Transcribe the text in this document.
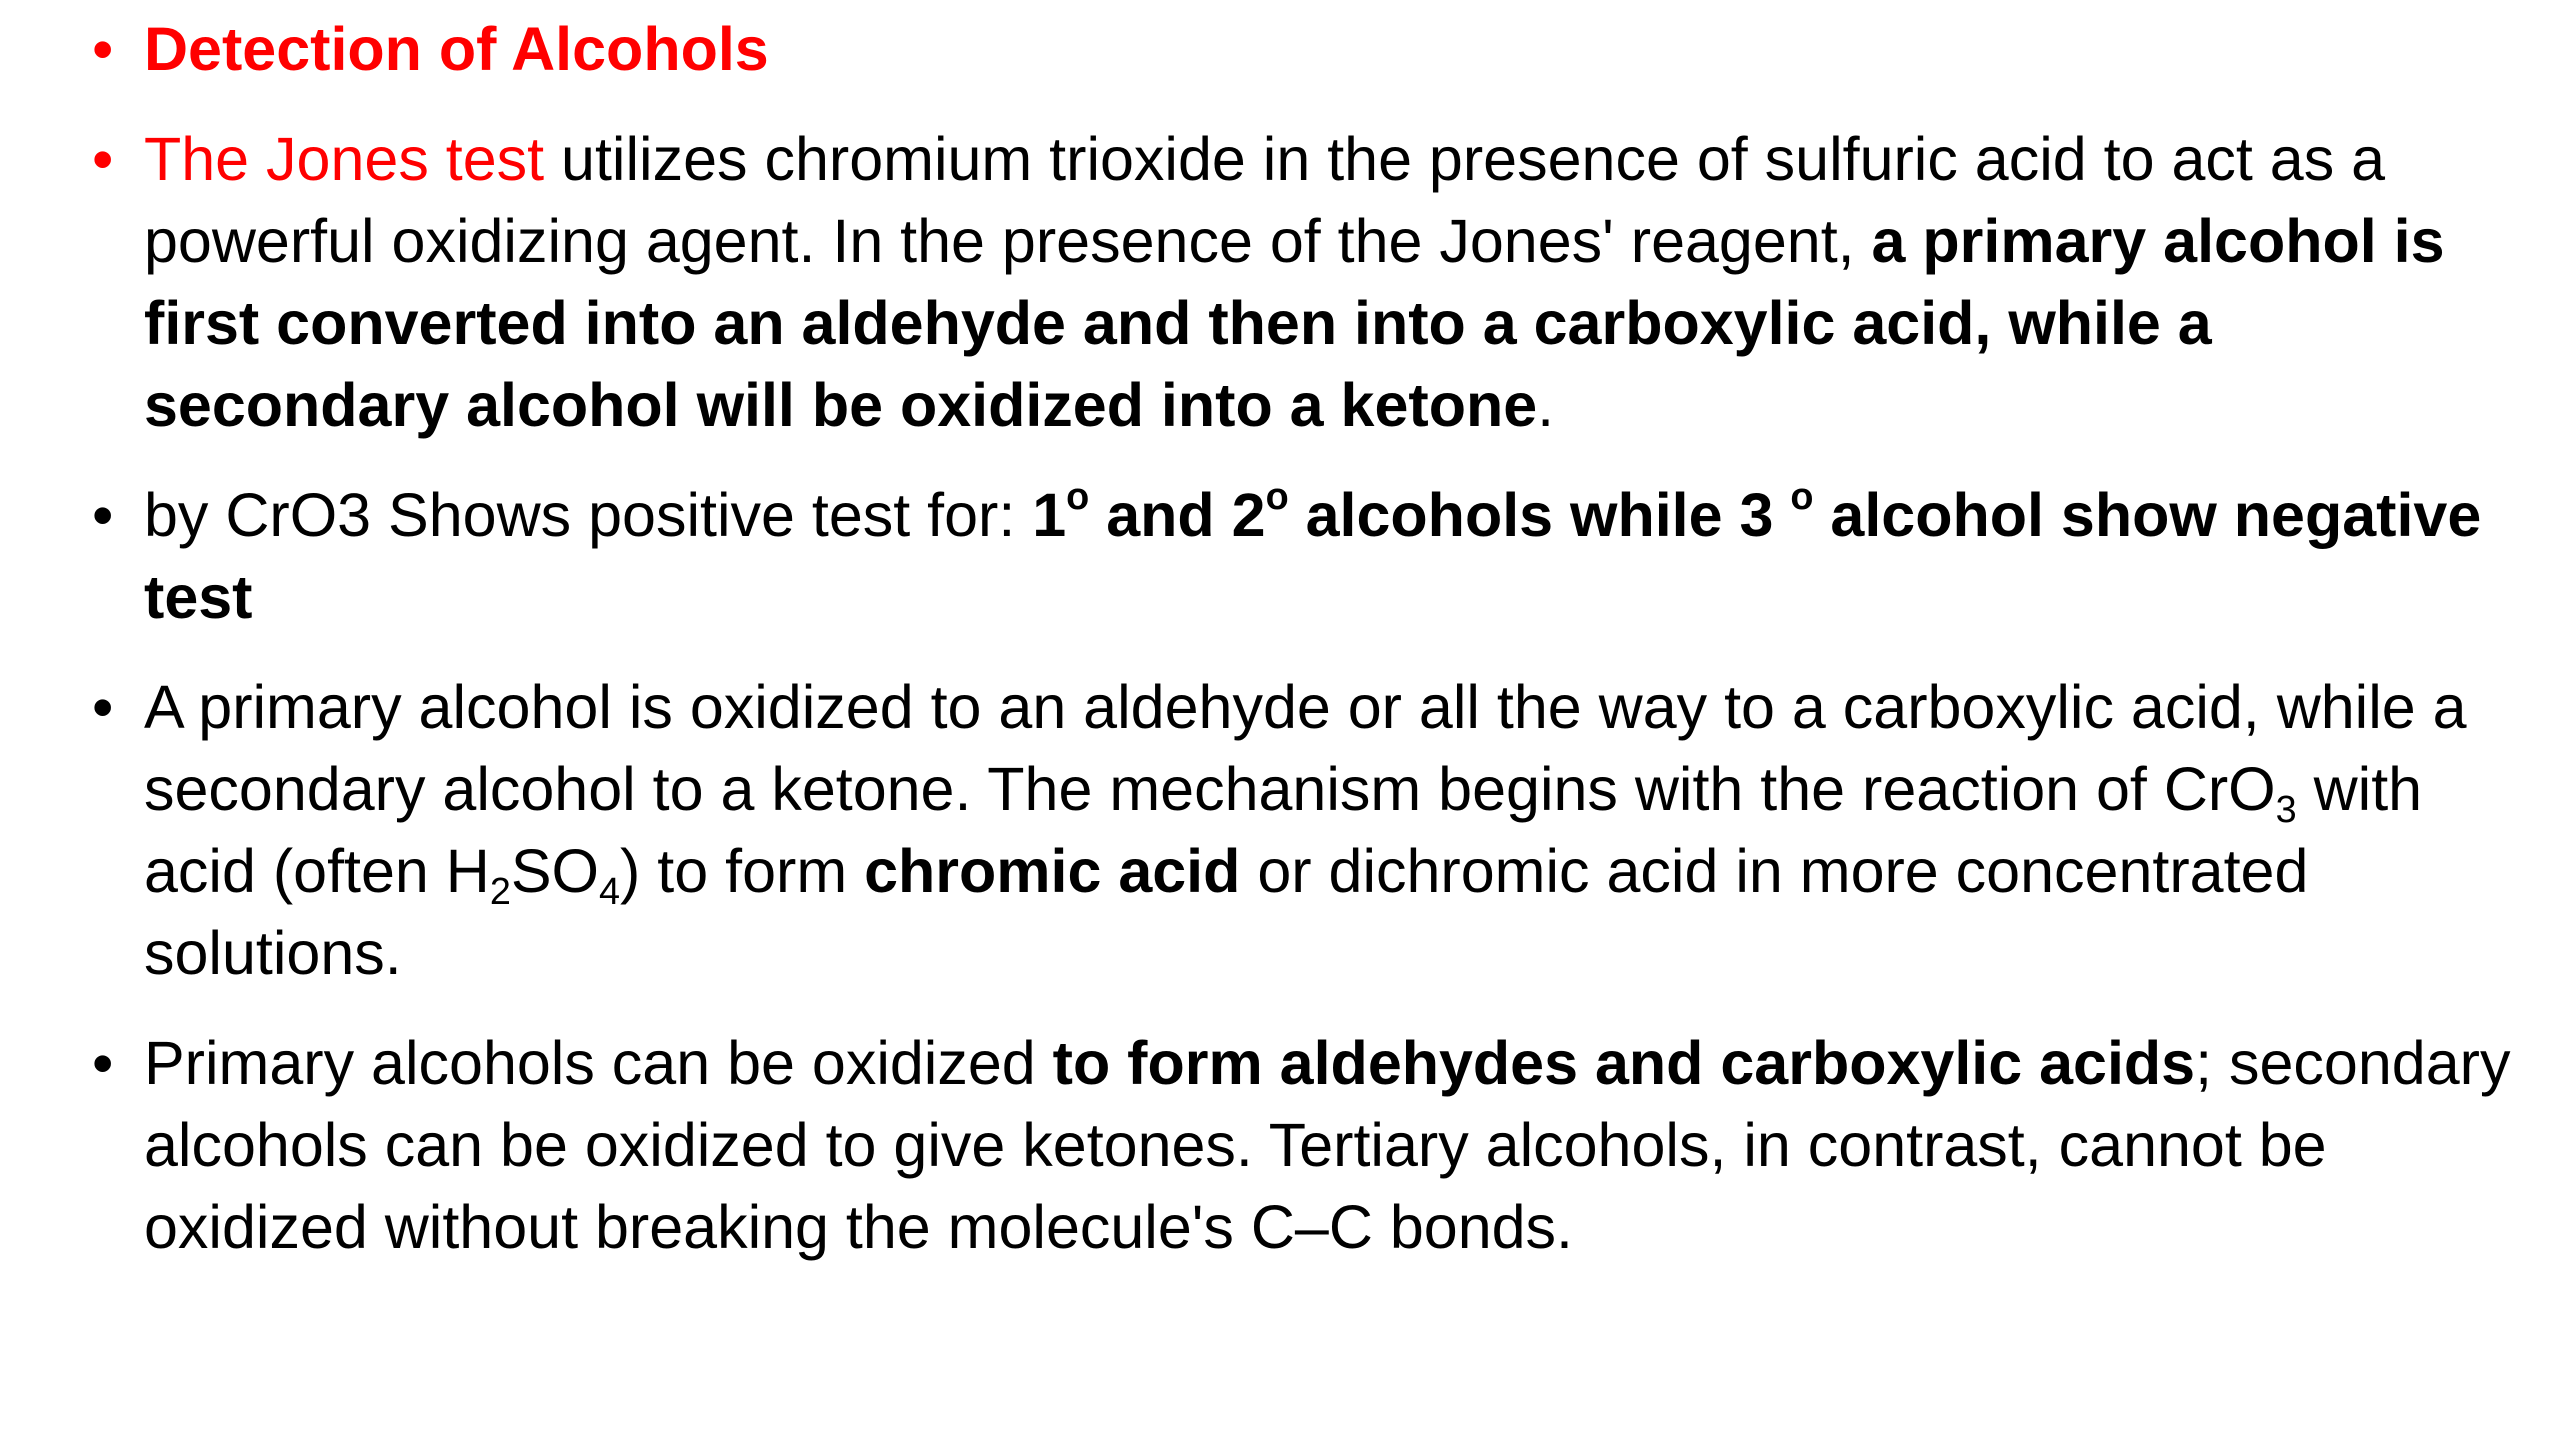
• Detection of Alcohols
• The Jones test utilizes chromium trioxide in the presence of sulfuric acid to act as a powerful oxidizing agent. In the presence of the Jones' reagent, a primary alcohol is first converted into an aldehyde and then into a carboxylic acid, while a secondary alcohol will be oxidized into a ketone.
• by CrO3 Shows positive test for: 1$^o$ and 2$^o$ alcohols while 3 $^o$ alcohol show negative test
• A primary alcohol is oxidized to an aldehyde or all the way to a carboxylic acid, while a secondary alcohol to a ketone. The mechanism begins with the reaction of CrO$_3$ with acid (often $H_2SO_4$) to form chromic acid or dichromic acid in more concentrated solutions.
• Primary alcohols can be oxidized to form aldehydes and carboxylic acids; secondary alcohols can be oxidized to give ketones. Tertiary alcohols, in contrast, cannot be oxidized without breaking the molecule's C–C bonds.
